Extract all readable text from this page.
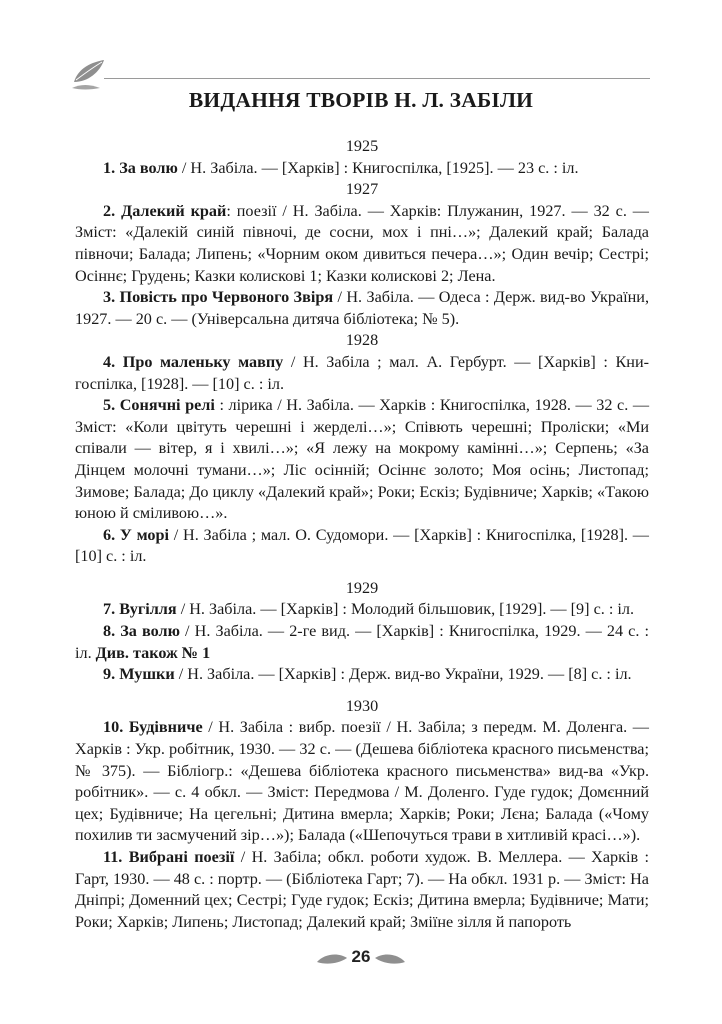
ВИДАННЯ ТВОРІВ Н. Л. ЗАБІЛИ

1925

1. За волю / Н. Забіла. — [Харків] : Книгоспілка, [1925]. — 23 с. : іл.

1927

2. Далекий край: поезії / Н. Забіла. — Харків: Плужанин, 1927. — 32 с. — Зміст: «Далекій синій півночі, де сосни, мох і пні…»; Далекий край; Балада півночи; Балада; Липень; «Чорним оком дивиться печера…»; Один вечір; Сестрі; Осіннє; Грудень; Казки колискові 1; Казки колискові 2; Лена.

3. Повість про Червоного Звіря / Н. Забіла. — Одеса : Держ. вид-во України, 1927. — 20 с. — (Універсальна дитяча бібліотека; № 5).

1928

4. Про маленьку мавпу / Н. Забіла ; мал. А. Гербурт. — [Харків] : Книгоспілка, [1928]. — [10] с. : іл.

5. Сонячні релі : лірика / Н. Забіла. — Харків : Книгоспілка, 1928. — 32 с. — Зміст: «Коли цвітуть черешні і жерделі…»; Співють черешні; Проліски; «Ми співали — вітер, я і хвилі…»; «Я лежу на мокрому камінні…»; Серпень; «За Дінцем молочні тумани…»; Ліс осінній; Осіннє золото; Моя осінь; Листопад; Зимове; Балада; До циклу «Далекий край»; Роки; Ескіз; Будівниче; Харків; «Такою юною й сміливою…».

6. У морі / Н. Забіла ; мал. О. Судомори. — [Харків] : Книгоспілка, [1928]. — [10] с. : іл.

1929

7. Вугілля / Н. Забіла. — [Харків] : Молодий більшовик, [1929]. — [9] с. : іл.

8. За волю / Н. Забіла. — 2-ге вид. — [Харків] : Книгоспілка, 1929. — 24 с. : іл. Див. також № 1

9. Мушки / Н. Забіла. — [Харків] : Держ. вид-во України, 1929. — [8] с. : іл.

1930

10. Будівниче / Н. Забіла : вибр. поезії / Н. Забіла; з передм. М. Доленга. — Харків : Укр. робітник, 1930. — 32 с. — (Дешева бібліотека красного письменства; № 375). — Бібліогр.: «Дешева бібліотека красного письменства» вид-ва «Укр. робітник». — с. 4 обкл. — Зміст: Передмова / М. Доленго. Гуде гудок; Домєнний цех; Будівниче; На цегельні; Дитина вмерла; Харків; Роки; Лєна; Балада («Чому похилив ти засмучений зір…»); Балада («Шепочуться трави в хитливій красі…»).

11. Вибрані поезії / Н. Забіла; обкл. роботи худож. В. Меллера. — Харків : Гарт, 1930. — 48 с. : портр. — (Бібліотека Гарт; 7). — На обкл. 1931 р. — Зміст: На Дніпрі; Доменний цех; Сестрі; Гуде гудок; Ескіз; Дитина вмерла; Будівниче; Мати; Роки; Харків; Липень; Листопад; Далекий край; Зміїне зілля й папороть

26
